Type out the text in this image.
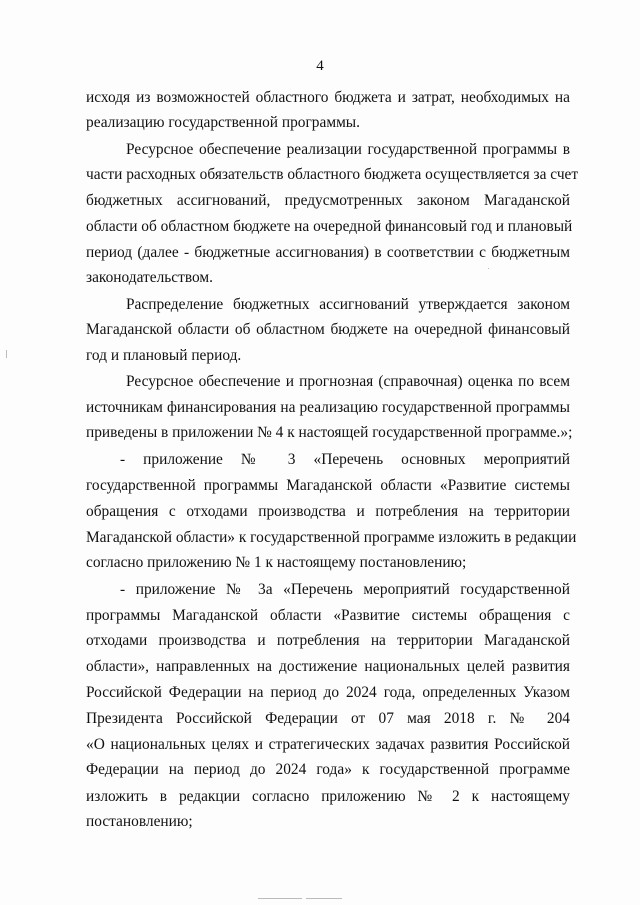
4
исходя из возможностей областного бюджета и затрат, необходимых на
реализацию государственной программы.
Ресурсное обеспечение реализации государственной программы в
части расходных обязательств областного бюджета осуществляется за счет
бюджетных ассигнований, предусмотренных законом Магаданской
области об областном бюджете на очередной финансовый год и плановый
период (далее - бюджетные ассигнования) в соответствии с бюджетным
законодательством.
Распределение бюджетных ассигнований утверждается законом
Магаданской области об областном бюджете на очередной финансовый
год и плановый период.
Ресурсное обеспечение и прогнозная (справочная) оценка по всем
источникам финансирования на реализацию государственной программы
приведены в приложении № 4 к настоящей государственной программе.»;
- приложение № 3 «Перечень основных мероприятий
государственной программы Магаданской области «Развитие системы
обращения с отходами производства и потребления на территории
Магаданской области» к государственной программе изложить в редакции
согласно приложению № 1 к настоящему постановлению;
- приложение № 3а «Перечень мероприятий государственной
программы Магаданской области «Развитие системы обращения с
отходами производства и потребления на территории Магаданской
области», направленных на достижение национальных целей развития
Российской Федерации на период до 2024 года, определенных Указом
Президента Российской Федерации от 07 мая 2018 г. № 204
«О национальных целях и стратегических задачах развития Российской
Федерации на период до 2024 года» к государственной программе
изложить в редакции согласно приложению № 2 к настоящему
постановлению;
